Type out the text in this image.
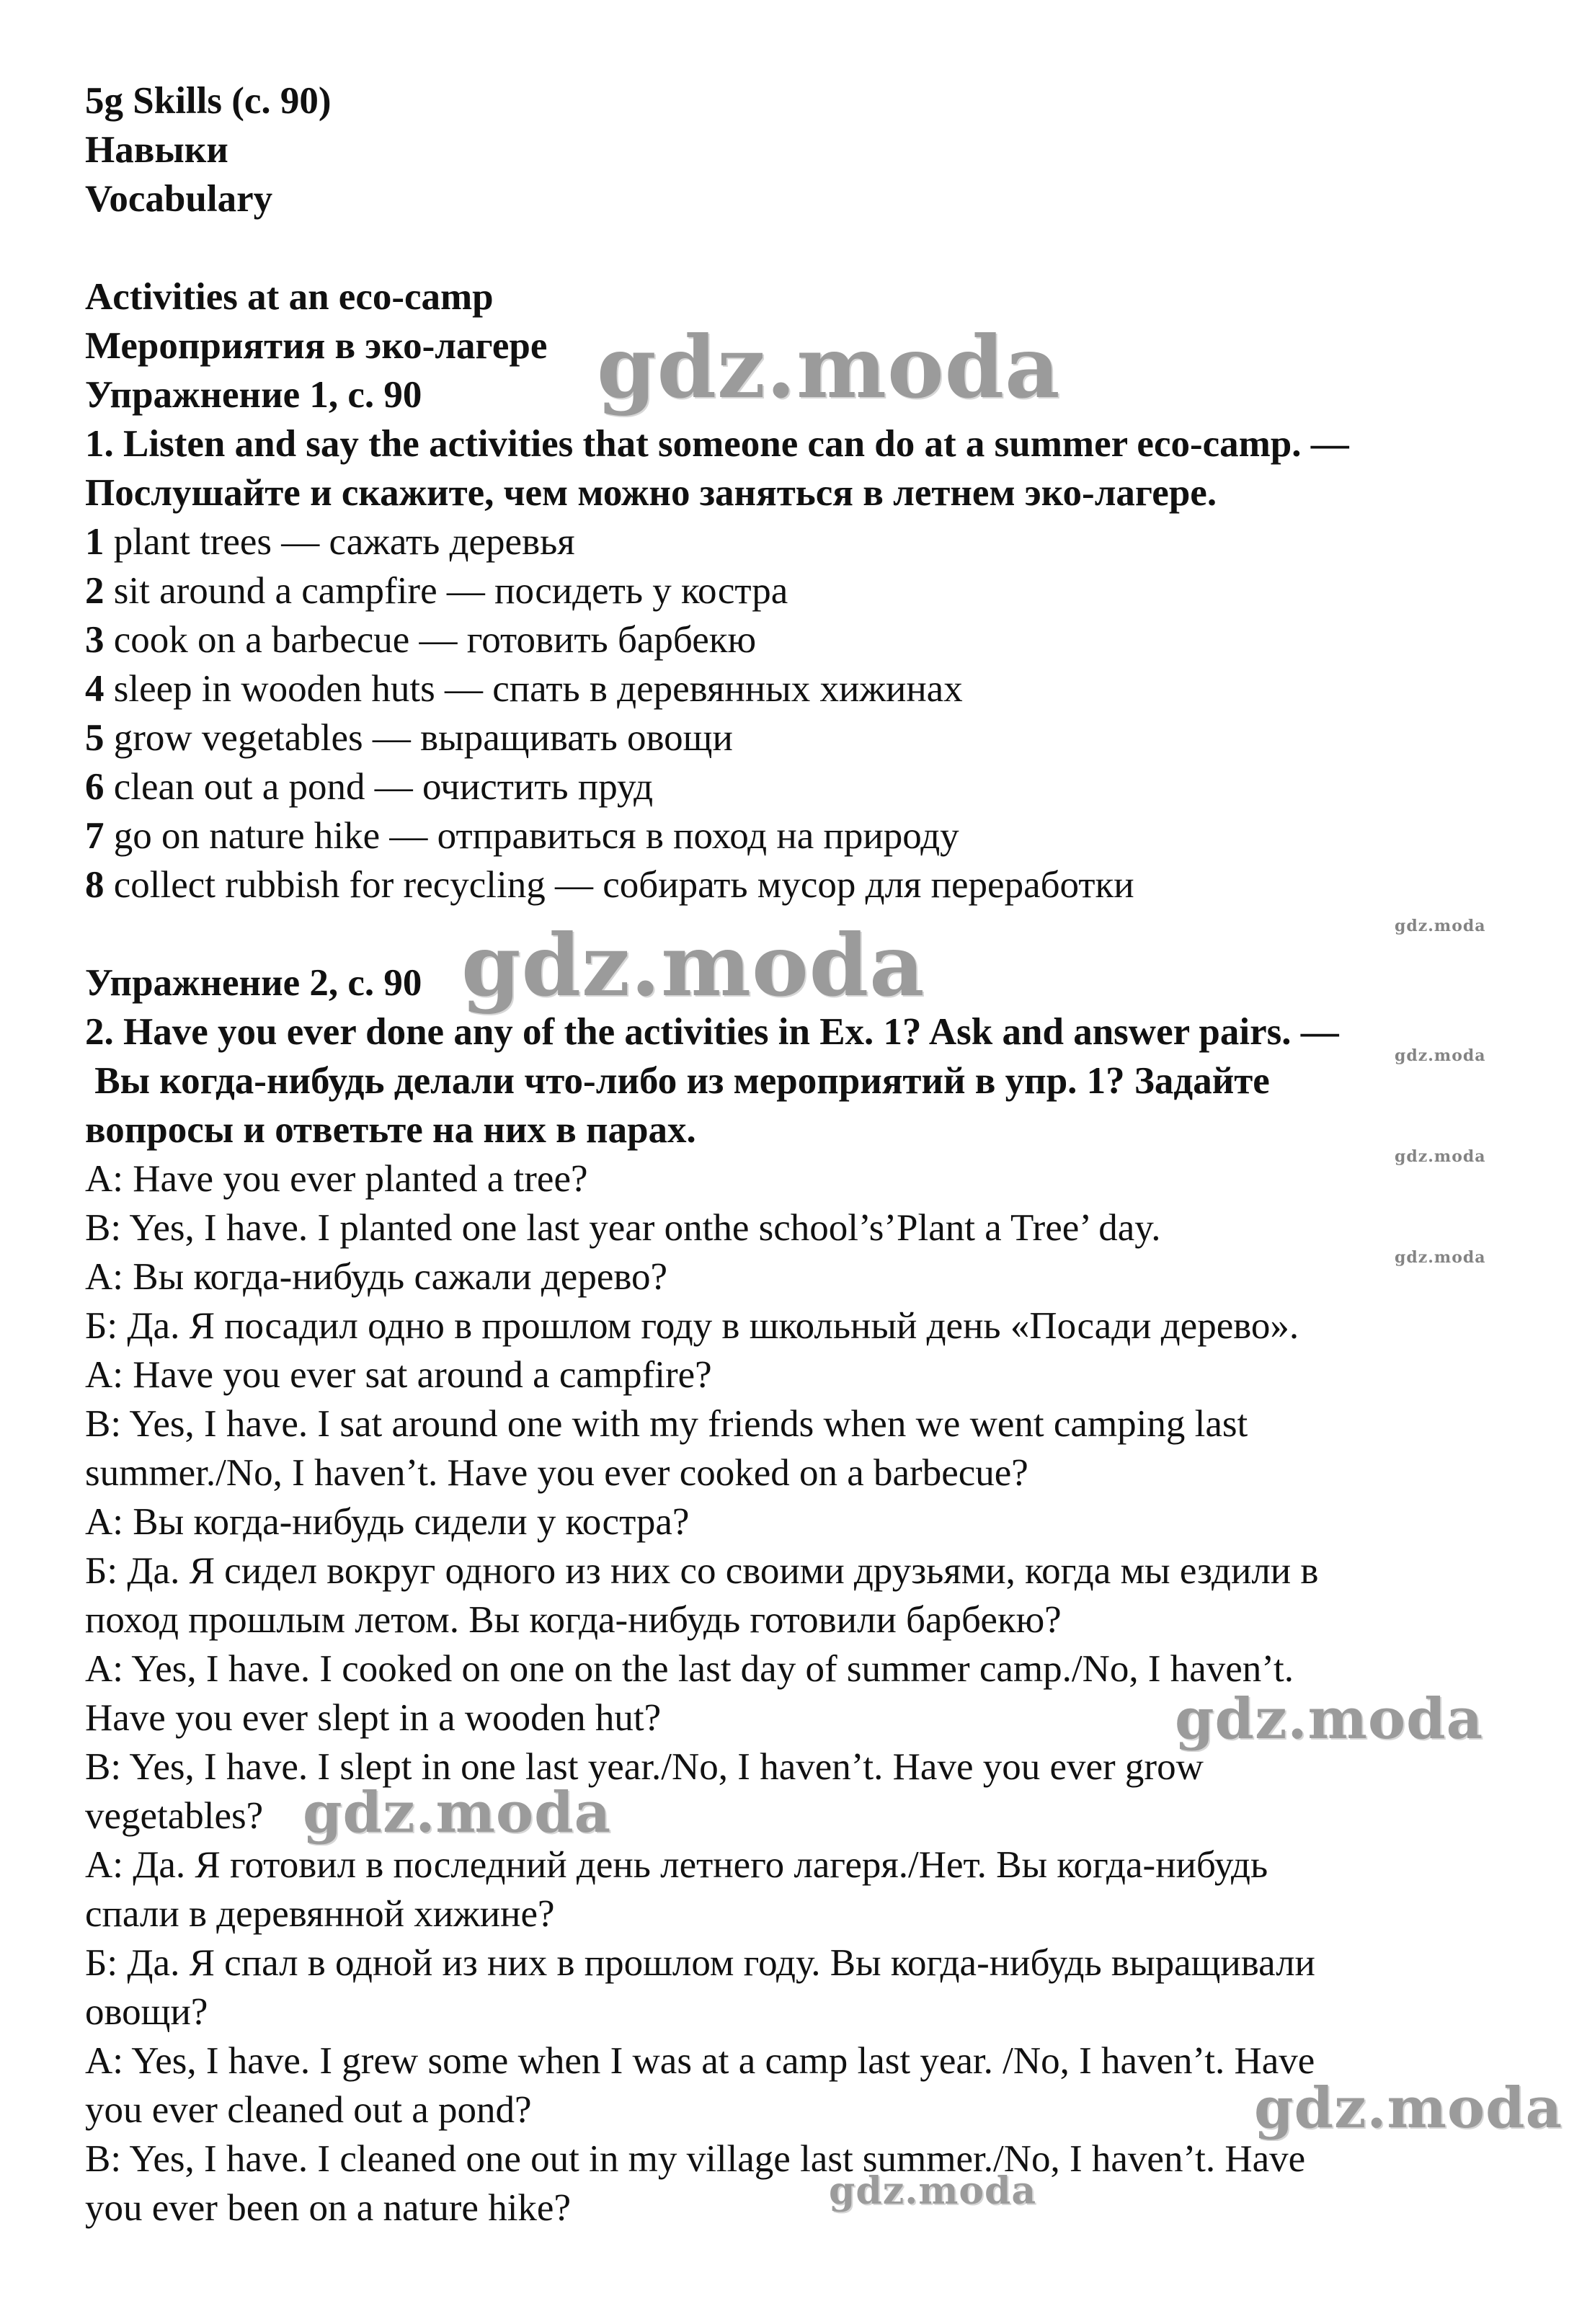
5g Skills (c. 90)
Навыки
Vocabulary
Activities at an eco-camp
Мероприятия в эко-лагере
Упражнение 1, с. 90
1. Listen and say the activities that someone can do at a summer eco-camp. —
Послушайте и скажите, чем можно заняться в летнем эко-лагере.
1 plant trees — сажать деревья
2 sit around a campfire — посидеть у костра
3 cook on a barbecue — готовить барбекю
4 sleep in wooden huts — спать в деревянных хижинах
5 grow vegetables — выращивать овощи
6 clean out a pond — очистить пруд
7 go on nature hike — отправиться в поход на природу
8 collect rubbish for recycling — собирать мусор для переработки
Упражнение 2, с. 90
2. Have you ever done any of the activities in Ex. 1? Ask and answer pairs. —
Вы когда-нибудь делали что-либо из мероприятий в упр. 1? Задайте
вопросы и ответьте на них в парах.
A: Have you ever planted a tree?
B: Yes, I have. I planted one last year onthe school’s’Plant a Tree’ day.
А: Вы когда-нибудь сажали дерево?
Б: Да. Я посадил одно в прошлом году в школьный день «Посади дерево».
A: Have you ever sat around a campfire?
B: Yes, I have. I sat around one with my friends when we went camping last
summer./No, I haven’t. Have you ever cooked on a barbecue?
А: Вы когда-нибудь сидели у костра?
Б: Да. Я сидел вокруг одного из них со своими друзьями, когда мы ездили в
поход прошлым летом. Вы когда-нибудь готовили барбекю?
A: Yes, I have. I cooked on one on the last day of summer camp./No, I haven’t.
Have you ever slept in a wooden hut?
B: Yes, I have. I slept in one last year./No, I haven’t. Have you ever grow
vegetables?
А: Да. Я готовил в последний день летнего лагеря./Нет. Вы когда-нибудь
спали в деревянной хижине?
Б: Да. Я спал в одной из них в прошлом году. Вы когда-нибудь выращивали
овощи?
A: Yes, I have. I grew some when I was at a camp last year. /No, I haven’t. Have
you ever cleaned out a pond?
B: Yes, I have. I cleaned one out in my village last summer./No, I haven’t. Have
you ever been on a nature hike?
gdz.moda
gdz.moda
gdz.moda
gdz.moda
gdz.moda
gdz.moda
gdz.moda
gdz.moda
gdz.moda
gdz.moda
